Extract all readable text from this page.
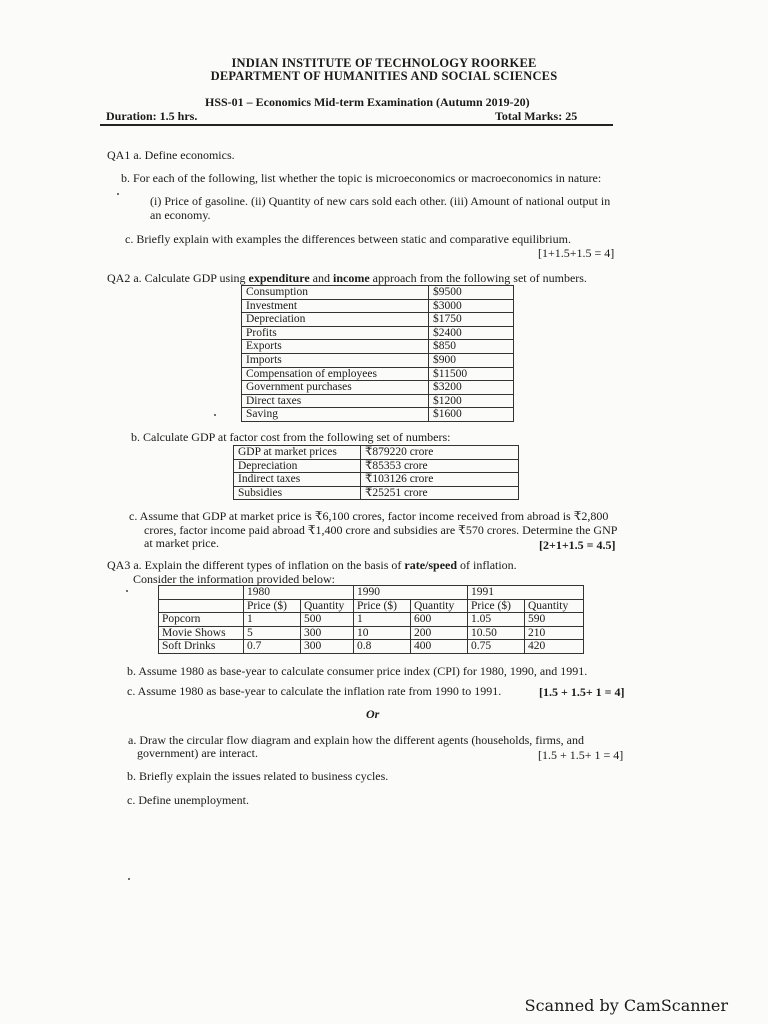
INDIAN INSTITUTE OF TECHNOLOGY ROORKEE
DEPARTMENT OF HUMANITIES AND SOCIAL SCIENCES
HSS-01 – Economics Mid-term Examination (Autumn 2019-20)
Duration: 1.5 hrs.	Total Marks: 25
QA1 a. Define economics.
b. For each of the following, list whether the topic is microeconomics or macroeconomics in nature:
(i) Price of gasoline. (ii) Quantity of new cars sold each other. (iii) Amount of national output in
an economy.
c. Briefly explain with examples the differences between static and comparative equilibrium.
[1+1.5+1.5 = 4]
QA2 a. Calculate GDP using expenditure and income approach from the following set of numbers.
Consumption	$9500
Investment	$3000
Depreciation	$1750
Profits	$2400
Exports	$850
Imports	$900
Compensation of employees	$11500
Government purchases	$3200
Direct taxes	$1200
Saving	$1600
b. Calculate GDP at factor cost from the following set of numbers:
GDP at market prices	₹879220 crore
Depreciation	₹85353 crore
Indirect taxes	₹103126 crore
Subsidies	₹25251 crore
c. Assume that GDP at market price is ₹6,100 crores, factor income received from abroad is ₹2,800
crores, factor income paid abroad ₹1,400 crore and subsidies are ₹570 crores. Determine the GNP
at market price.	[2+1+1.5 = 4.5]
QA3 a. Explain the different types of inflation on the basis of rate/speed of inflation.
Consider the information provided below:
	1980		1990		1991	
	Price ($)	Quantity	Price ($)	Quantity	Price ($)	Quantity
Popcorn	1	500	1	600	1.05	590
Movie Shows	5	300	10	200	10.50	210
Soft Drinks	0.7	300	0.8	400	0.75	420
b. Assume 1980 as base-year to calculate consumer price index (CPI) for 1980, 1990, and 1991.
c. Assume 1980 as base-year to calculate the inflation rate from 1990 to 1991.	[1.5 + 1.5+ 1 = 4]
Or
a. Draw the circular flow diagram and explain how the different agents (households, firms, and
government) are interact.	[1.5 + 1.5+ 1 = 4]
b. Briefly explain the issues related to business cycles.
c. Define unemployment.
Scanned by CamScanner
